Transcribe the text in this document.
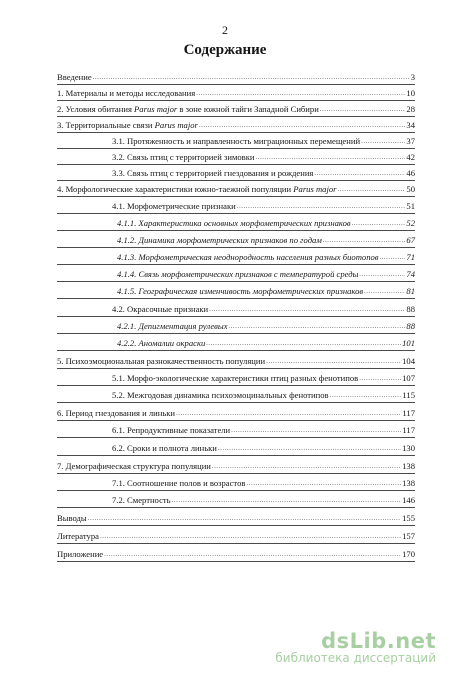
2
Содержание
Введение .....	3
1. Материалы и методы исследования .....	10
2. Условия обитания Parus major в зоне южной тайги Западной Сибири .....	28
3. Территориальные связи Parus major .....	34
3.1. Протяженность и направленность миграционных перемещений .....	37
3.2. Связь птиц с территорией зимовки .....	42
3.3. Связь птиц с территорией гнездования и рождения .....	46
4. Морфологические характеристики южно-таежной популяции Parus major .....	50
4.1. Морфометрические признаки .....	51
4.1.1. Характеристика основных морфометрических признаков .....	52
4.1.2. Динамика морфометрических признаков по годам .....	67
4.1.3. Морфометрическая неоднородность населения разных биотопов .....	71
4.1.4. Связь морфометрических признаков с температурой среды .....	74
4.1.5. Географическая изменчивость морфометрических признаков .....	81
4.2. Окрасочные признаки .....	88
4.2.1. Депигментация рулевых .....	88
4.2.2. Аномалии окраски .....	101
5. Психоэмоциональная разнокачественность популяции .....	104
5.1. Морфо-экологические характеристики птиц разных фенотипов .....	107
5.2. Межгодовая динамика психоэмоцинальных фенотипов .....	115
6. Период гнездования и линьки .....	117
6.1. Репродуктивные показатели .....	117
6.2. Сроки и полнота линьки .....	130
7. Демографическая структура популяции .....	138
7.1. Соотношение полов и возрастов .....	138
7.2. Смертность .....	146
Выводы .....	155
Литература .....	157
Приложение .....	170
dsLib.net
библиотека диссертаций
